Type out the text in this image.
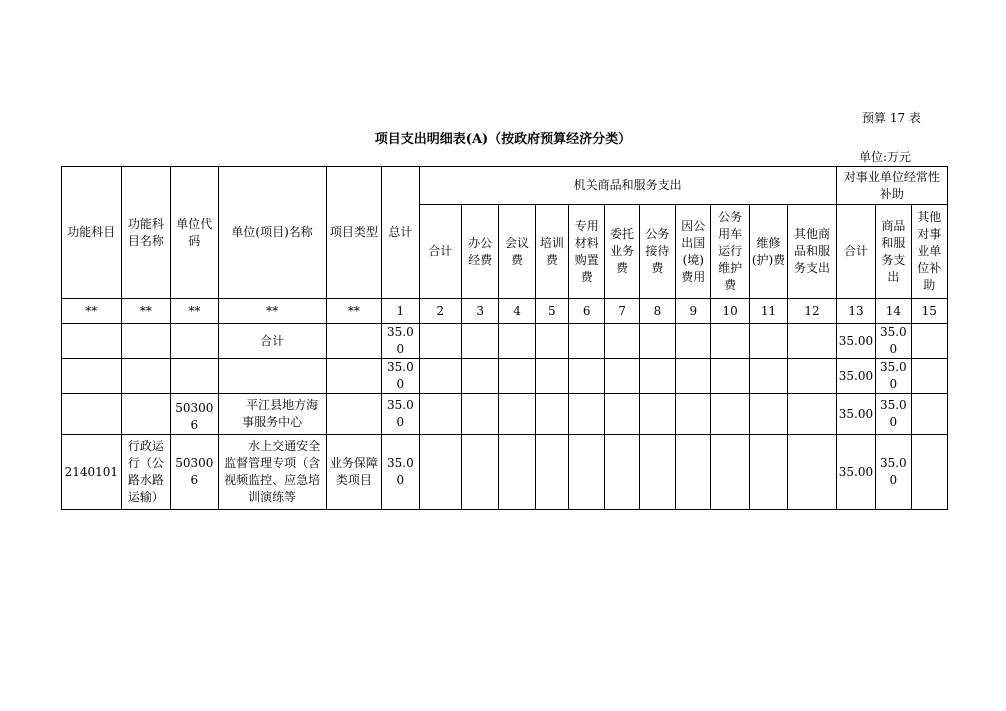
预算 17 表
项目支出明细表(A)（按政府预算经济分类）
单位:万元
功能科目	功能科目名称	单位代码	单位(项目)名称	项目类型	总计	机关商品和服务支出											对事业单位经常性补助		
						合计	办公经费	会议费	培训费	专用材料购置费	委托业务费	公务接待费	因公出国(境)费用	公务用车运行维护费	维修(护)费	其他商品和服务支出	合计	商品和服务支出	其他对事业单位补助
**	**	**	**	**	1	2	3	4	5	6	7	8	9	10	11	12	13	14	15
			合计		35.00												35.00	35.00	
					35.00												35.00	35.00	
		503006	平江县地方海事服务中心		35.00												35.00	35.00	
2140101	行政运行（公路水路运输）	503006	水上交通安全监督管理专项（含视频监控、应急培训演练等	业务保障类项目	35.00												35.00	35.00	
